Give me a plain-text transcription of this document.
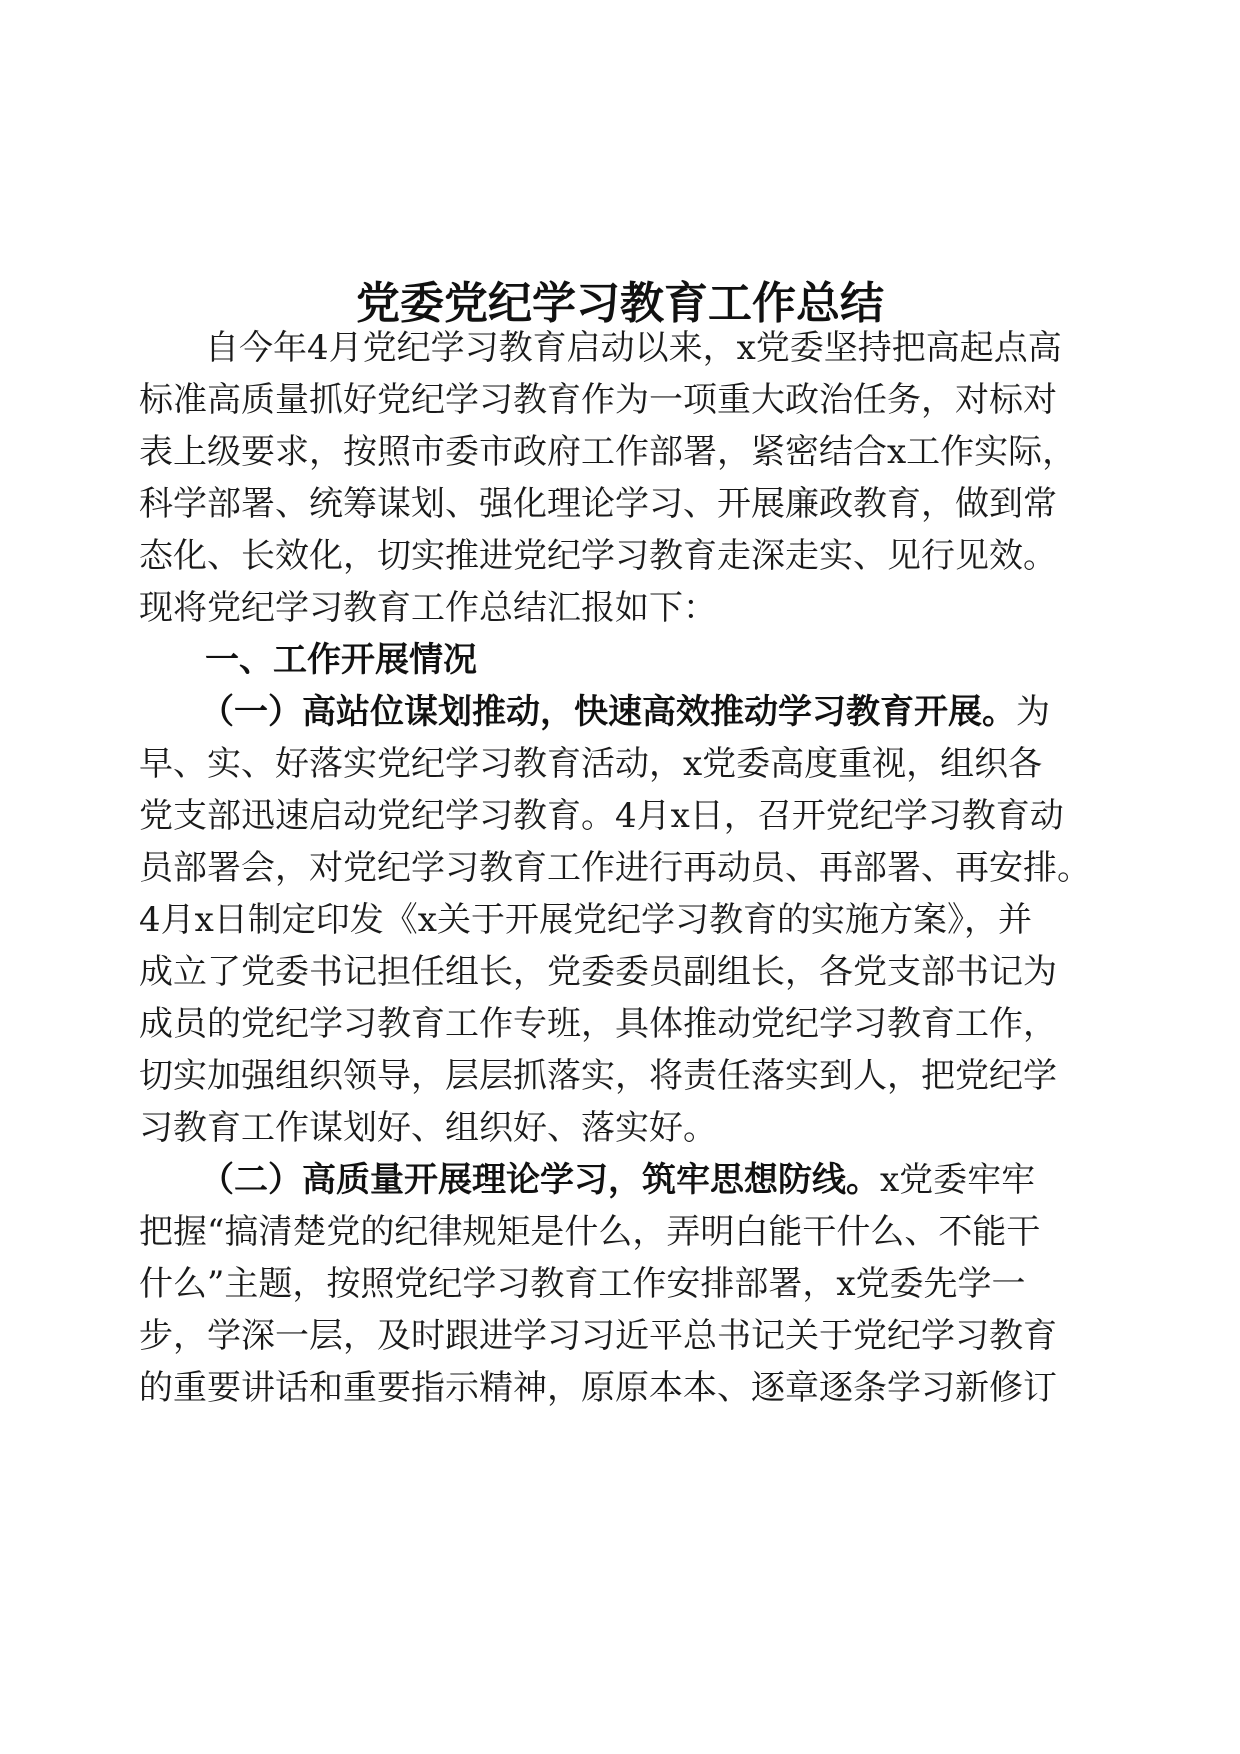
党委党纪学习教育工作总结
自今年4月党纪学习教育启动以来，x党委坚持把高起点高
标准高质量抓好党纪学习教育作为一项重大政治任务，对标对
表上级要求，按照市委市政府工作部署，紧密结合x工作实际，
科学部署、统筹谋划、强化理论学习、开展廉政教育，做到常
态化、长效化，切实推进党纪学习教育走深走实、见行见效。
现将党纪学习教育工作总结汇报如下：
一、工作开展情况
（一）高站位谋划推动，快速高效推动学习教育开展。为
早、实、好落实党纪学习教育活动，x党委高度重视，组织各
党支部迅速启动党纪学习教育。4月x日，召开党纪学习教育动
员部署会，对党纪学习教育工作进行再动员、再部署、再安排。
4月x日制定印发《x关于开展党纪学习教育的实施方案》，并
成立了党委书记担任组长，党委委员副组长，各党支部书记为
成员的党纪学习教育工作专班，具体推动党纪学习教育工作，
切实加强组织领导，层层抓落实，将责任落实到人，把党纪学
习教育工作谋划好、组织好、落实好。
（二）高质量开展理论学习，筑牢思想防线。x党委牢牢
把握“搞清楚党的纪律规矩是什么，弄明白能干什么、不能干
什么”主题，按照党纪学习教育工作安排部署，x党委先学一
步，学深一层，及时跟进学习习近平总书记关于党纪学习教育
的重要讲话和重要指示精神，原原本本、逐章逐条学习新修订
